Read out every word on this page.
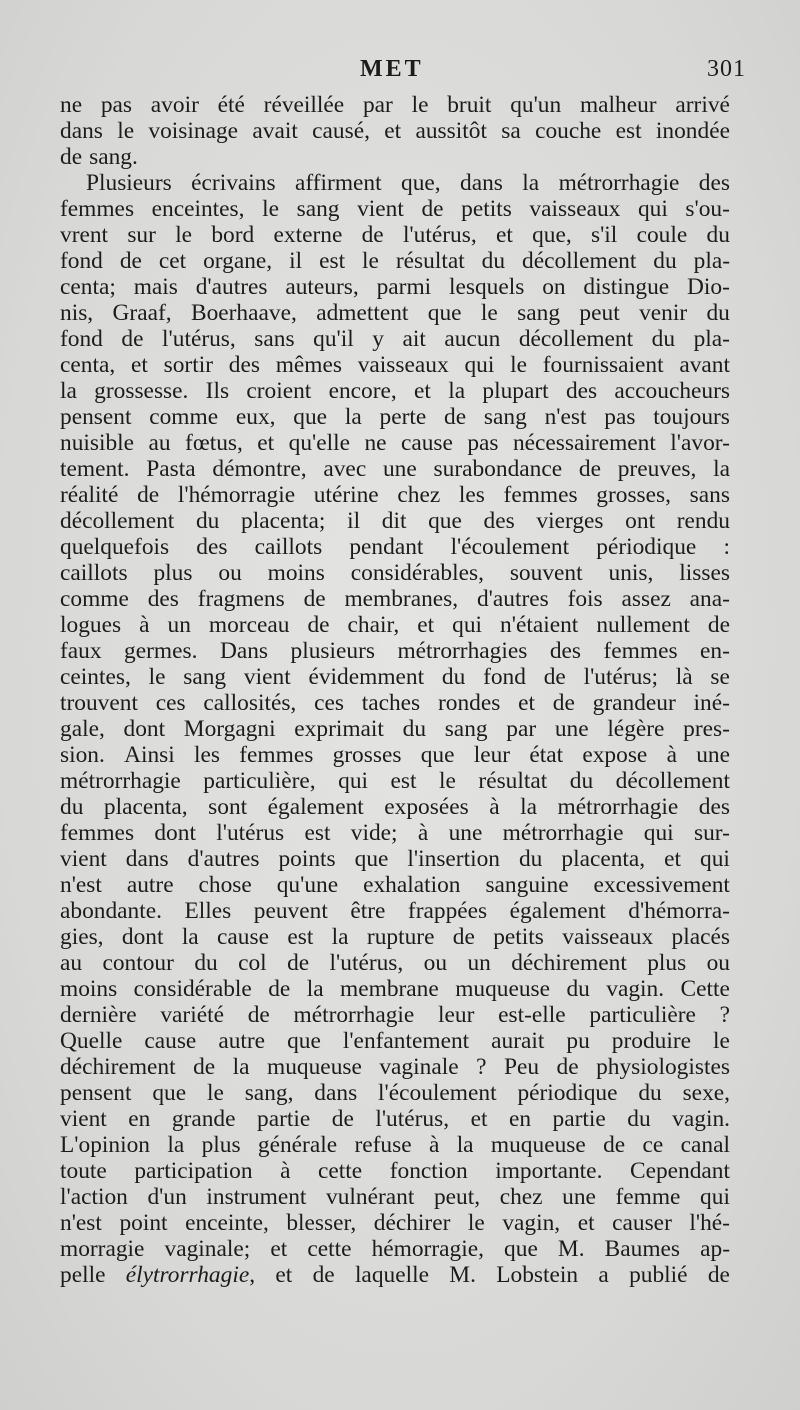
MET	301
ne pas avoir été réveillée par le bruit qu'un malheur arrivé
dans le voisinage avait causé, et aussitôt sa couche est inondée
de sang.
Plusieurs écrivains affirment que, dans la métrorrhagie des
femmes enceintes, le sang vient de petits vaisseaux qui s'ou-
vrent sur le bord externe de l'utérus, et que, s'il coule du
fond de cet organe, il est le résultat du décollement du pla-
centa; mais d'autres auteurs, parmi lesquels on distingue Dio-
nis, Graaf, Boerhaave, admettent que le sang peut venir du
fond de l'utérus, sans qu'il y ait aucun décollement du pla-
centa, et sortir des mêmes vaisseaux qui le fournissaient avant
la grossesse. Ils croient encore, et la plupart des accoucheurs
pensent comme eux, que la perte de sang n'est pas toujours
nuisible au fœtus, et qu'elle ne cause pas nécessairement l'avor-
tement. Pasta démontre, avec une surabondance de preuves, la
réalité de l'hémorragie utérine chez les femmes grosses, sans
décollement du placenta; il dit que des vierges ont rendu
quelquefois des caillots pendant l'écoulement périodique :
caillots plus ou moins considérables, souvent unis, lisses
comme des fragmens de membranes, d'autres fois assez ana-
logues à un morceau de chair, et qui n'étaient nullement de
faux germes. Dans plusieurs métrorrhagies des femmes en-
ceintes, le sang vient évidemment du fond de l'utérus; là se
trouvent ces callosités, ces taches rondes et de grandeur iné-
gale, dont Morgagni exprimait du sang par une légère pres-
sion. Ainsi les femmes grosses que leur état expose à une
métrorrhagie particulière, qui est le résultat du décollement
du placenta, sont également exposées à la métrorrhagie des
femmes dont l'utérus est vide; à une métrorrhagie qui sur-
vient dans d'autres points que l'insertion du placenta, et qui
n'est autre chose qu'une exhalation sanguine excessivement
abondante. Elles peuvent être frappées également d'hémorra-
gies, dont la cause est la rupture de petits vaisseaux placés
au contour du col de l'utérus, ou un déchirement plus ou
moins considérable de la membrane muqueuse du vagin. Cette
dernière variété de métrorrhagie leur est-elle particulière ?
Quelle cause autre que l'enfantement aurait pu produire le
déchirement de la muqueuse vaginale ? Peu de physiologistes
pensent que le sang, dans l'écoulement périodique du sexe,
vient en grande partie de l'utérus, et en partie du vagin.
L'opinion la plus générale refuse à la muqueuse de ce canal
toute participation à cette fonction importante. Cependant
l'action d'un instrument vulnérant peut, chez une femme qui
n'est point enceinte, blesser, déchirer le vagin, et causer l'hé-
morragie vaginale; et cette hémorragie, que M. Baumes ap-
pelle élytrorrhagie, et de laquelle M. Lobstein a publié de
